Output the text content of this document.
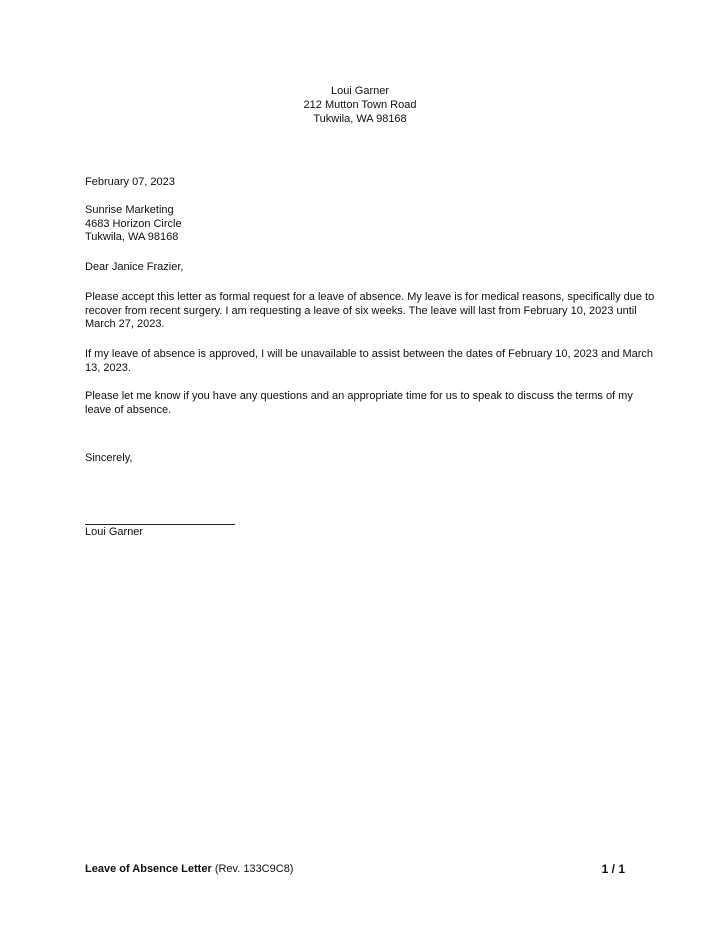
Loui Garner
212 Mutton Town Road
Tukwila, WA 98168
February 07, 2023
Sunrise Marketing
4683 Horizon Circle
Tukwila, WA 98168
Dear Janice Frazier,
Please accept this letter as formal request for a leave of absence. My leave is for medical reasons, specifically due to recover from recent surgery. I am requesting a leave of six weeks. The leave will last from February 10, 2023 until March 27, 2023.
If my leave of absence is approved, I will be unavailable to assist between the dates of February 10, 2023 and March 13, 2023.
Please let me know if you have any questions and an appropriate time for us to speak to discuss the terms of my leave of absence.
Sincerely,
Loui Garner
Leave of Absence Letter (Rev. 133C9C8)	1 / 1
